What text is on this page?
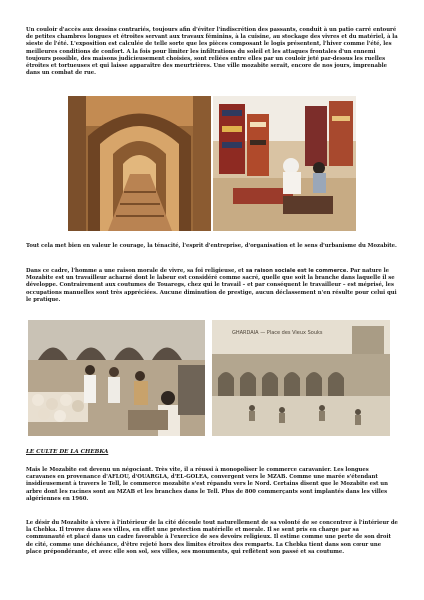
Un couloir d'accès aux dessins contrariés, toujours afin d'éviter l'indiscrétion des passants, conduit à un patio carré entouré de petites chambres longues et étroites servant aux travaux féminins, à la cuisine, au stockage des vivres et du matériel, à la sieste de l'été. L'exposition est calculée de telle sorte que les pièces composant le logis présentent, l'hiver comme l'été, les meilleures conditions de confort. A la fois pour limiter les infiltrations du soleil et les attaques frontales d'un ennemi toujours possible, des maisons judicieusement choisies, sont reliées entre elles par un couloir jeté par-dessus les ruelles étroites et tortueuses et qui laisse apparaître des meurtrières. Une ville mozabite serait, encore de nos jours, imprenable dans un combat de rue.

Tout cela met bien en valeur le courage, la ténacité, l'esprit d'entreprise, d'organisation et le sens d'urbanisme du Mozabite.

Dans ce cadre, l'homme a une raison morale de vivre, sa foi religieuse, et sa raison sociale est le commerce. Par nature le Mozabite est un travailleur acharné dont le labeur est considéré comme sacré, quelle que soit la branche dans laquelle il se développe. Contrairement aux coutumes de Touaregs, chez qui le travail – et par conséquent le travailleur – est méprisé, les occupations manuelles sont très appréciées. Aucune diminution de prestige, aucun déclassement n'en résulte pour celui qui le pratique.

GHARDAIA — Place des Vieux Souks

LE CULTE DE LA CHEBKA

Mais le Mozabite est devenu un négociant. Très vite, il a réussi à monopoliser le commerce caravanier. Les longues caravanes en provenance d'AFLOU, d'OUARGLA, d'EL-GOLEA, convergent vers le MZAB. Comme une marée s'étendant insidieusement à travers le Tell, le commerce mozabite s'est répandu vers le Nord. Certains disent que le Mozabite est un arbre dont les racines sont au MZAB et les branches dans le Tell. Plus de 800 commerçants sont implantés dans les villes algériennes en 1960.

Le désir du Mozabite à vivre à l'intérieur de la cité découle tout naturellement de sa volonté de se concentrer à l'intérieur de la Chebka. Il trouve dans ses villes, en effet une protection matérielle et morale. Il se sent pris en charge par sa communauté et placé dans un cadre favorable à l'exercice de ses devoirs religieux. Il estime comme une perte de son droit de cité, comme une déchéance, d'être rejeté hors des limites étroites des remparts. La Chebka tient dans son cœur une place prépondérante, et avec elle son sol, ses villes, ses monuments, qui reflètent son passé et sa coutume.
